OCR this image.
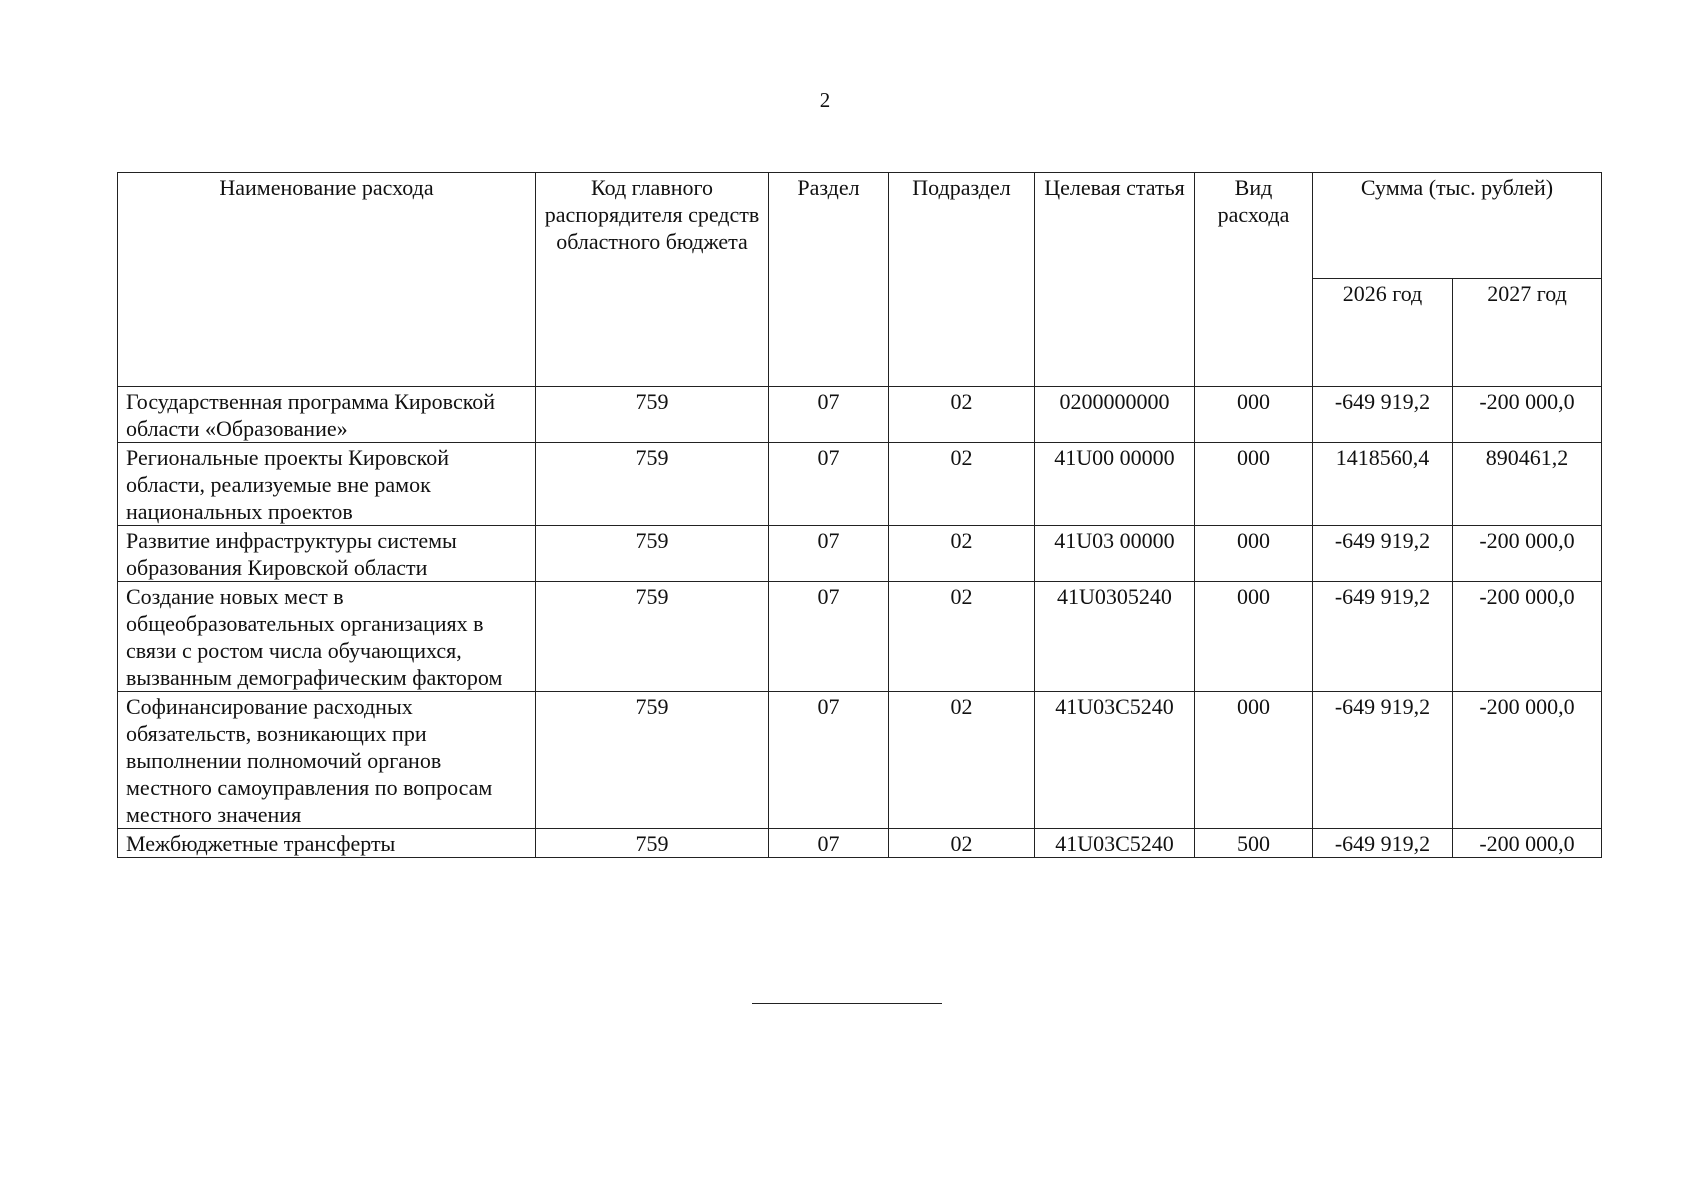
2
Наименование расхода	Код главного распорядителя средств областного бюджета	Раздел	Подраздел	Целевая статья	Вид расхода	Сумма (тыс. рублей)	
						2026 год	2027 год
Государственная программа Кировской области «Образование»	759	07	02	0200000000	000	-649 919,2	-200 000,0
Региональные проекты Кировской области, реализуемые вне рамок национальных проектов	759	07	02	41U00 00000	000	1418560,4	890461,2
Развитие инфраструктуры системы образования Кировской области	759	07	02	41U03 00000	000	-649 919,2	-200 000,0
Создание новых мест в общеобразовательных организациях в связи с ростом числа обучающихся, вызванным демографическим фактором	759	07	02	41U0305240	000	-649 919,2	-200 000,0
Софинансирование расходных обязательств, возникающих при выполнении полномочий органов местного самоуправления по вопросам местного значения	759	07	02	41U03C5240	000	-649 919,2	-200 000,0
Межбюджетные трансферты	759	07	02	41U03C5240	500	-649 919,2	-200 000,0
